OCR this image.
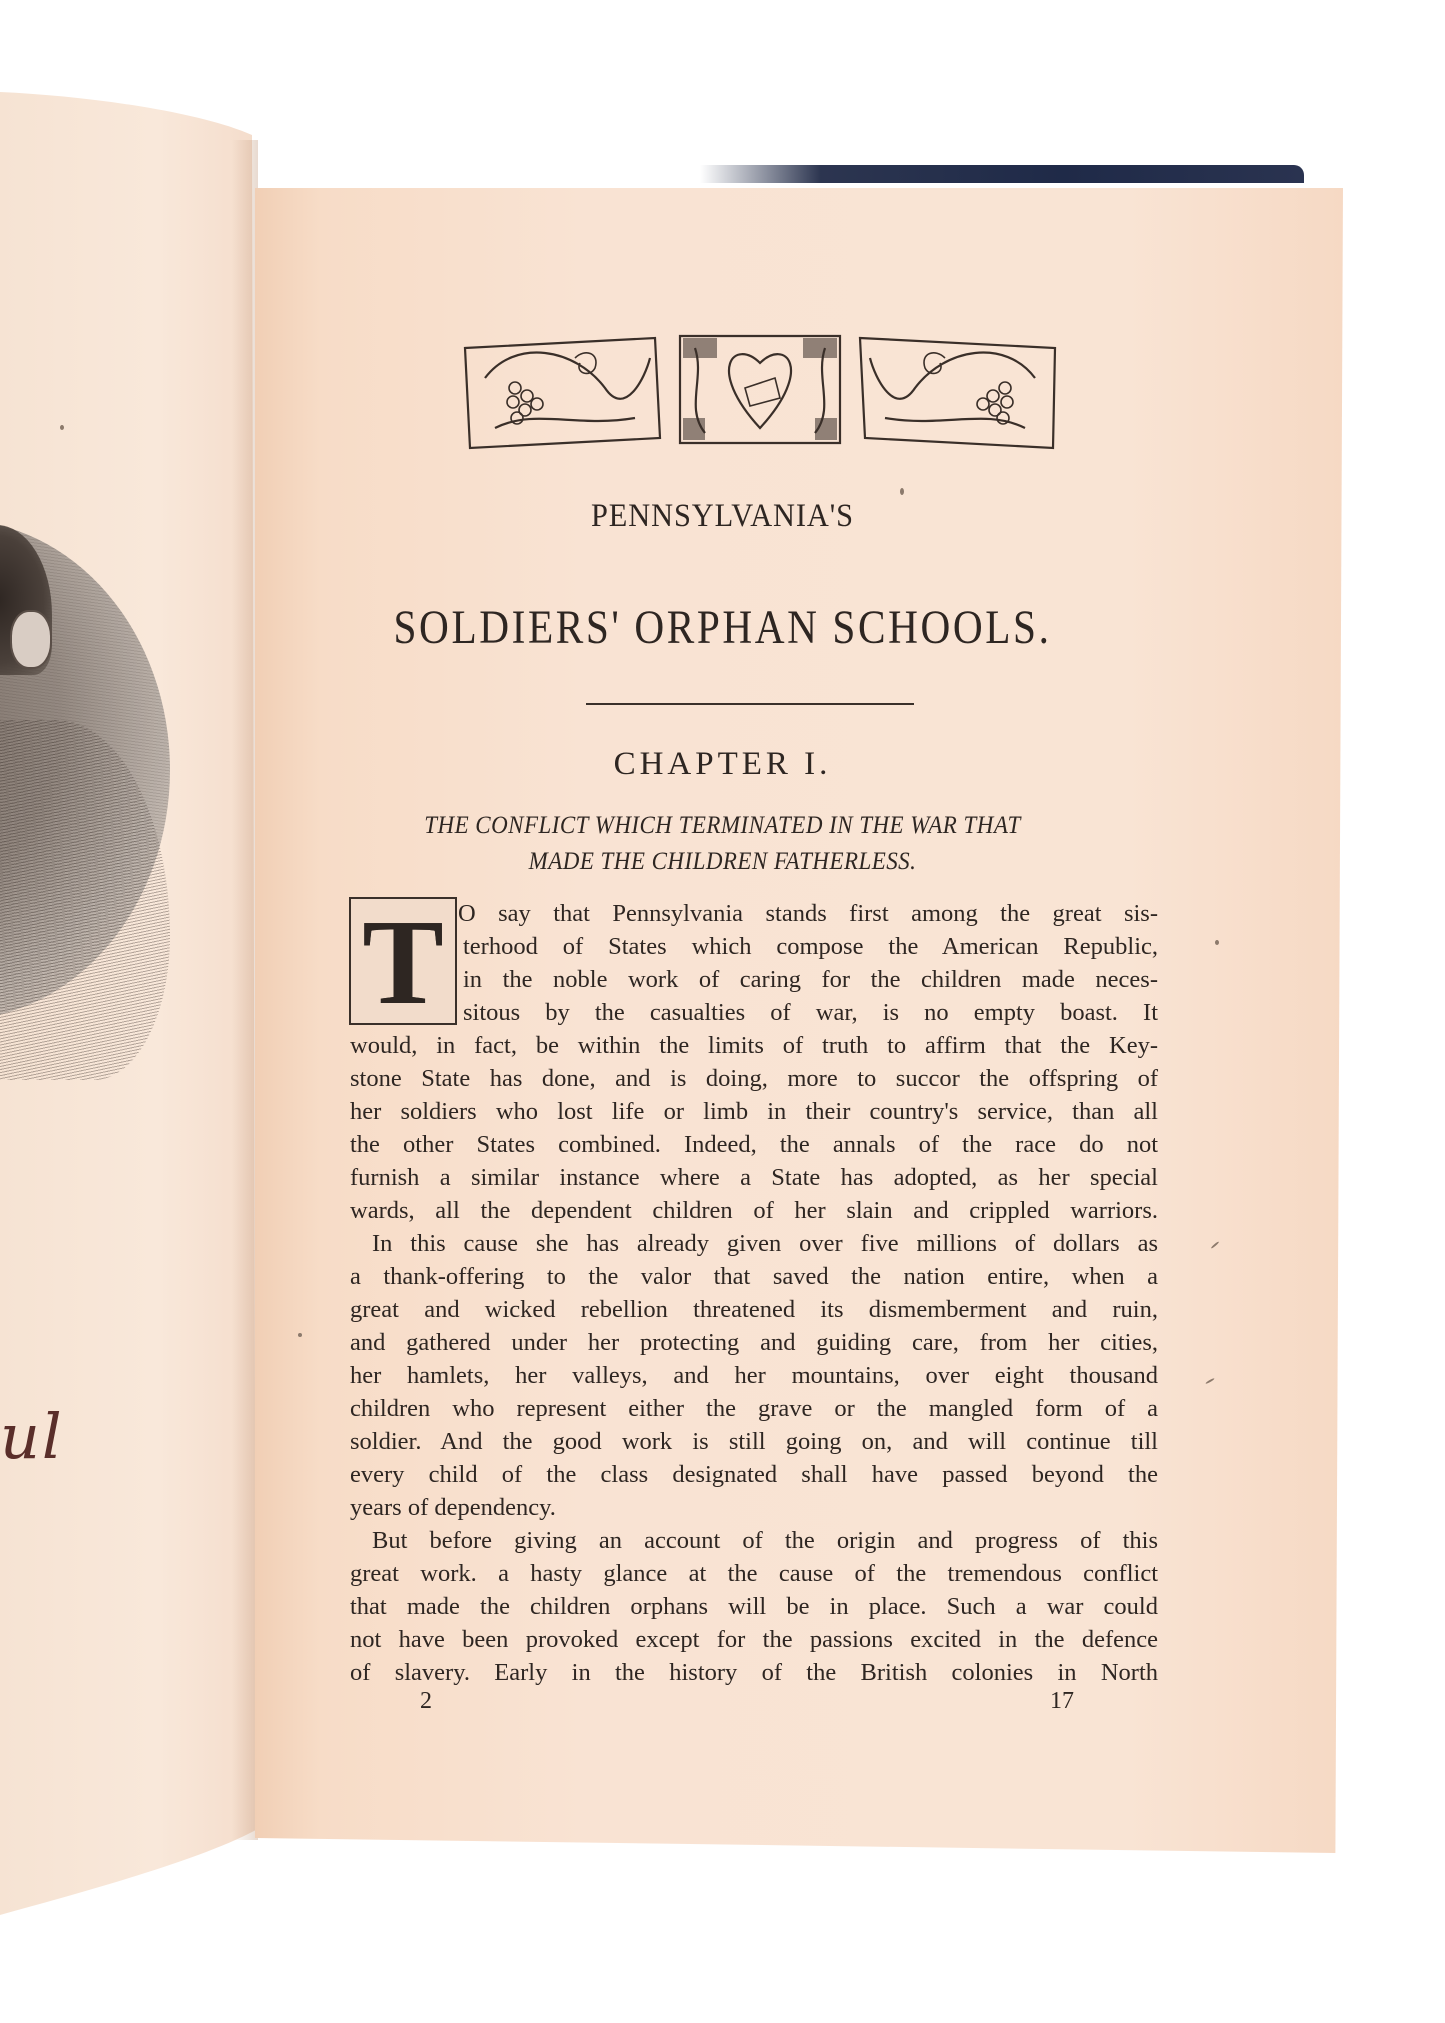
ul
PENNSYLVANIA'S
SOLDIERS' ORPHAN SCHOOLS.
CHAPTER I.
THE CONFLICT WHICH TERMINATED IN THE WAR THAT
MADE THE CHILDREN FATHERLESS.
T O say that Pennsylvania stands first among the great sis-
terhood of States which compose the American Republic,
in the noble work of caring for the children made neces-
sitous by the casualties of war, is no empty boast. It
would, in fact, be within the limits of truth to affirm that the Key-
stone State has done, and is doing, more to succor the offspring of
her soldiers who lost life or limb in their country's service, than all
the other States combined. Indeed, the annals of the race do not
furnish a similar instance where a State has adopted, as her special
wards, all the dependent children of her slain and crippled warriors.
In this cause she has already given over five millions of dollars as
a thank-offering to the valor that saved the nation entire, when a
great and wicked rebellion threatened its dismemberment and ruin,
and gathered under her protecting and guiding care, from her cities,
her hamlets, her valleys, and her mountains, over eight thousand
children who represent either the grave or the mangled form of a
soldier. And the good work is still going on, and will continue till
every child of the class designated shall have passed beyond the
years of dependency.
But before giving an account of the origin and progress of this
great work. a hasty glance at the cause of the tremendous conflict
that made the children orphans will be in place. Such a war could
not have been provoked except for the passions excited in the defence
of slavery. Early in the history of the British colonies in North
2	17
